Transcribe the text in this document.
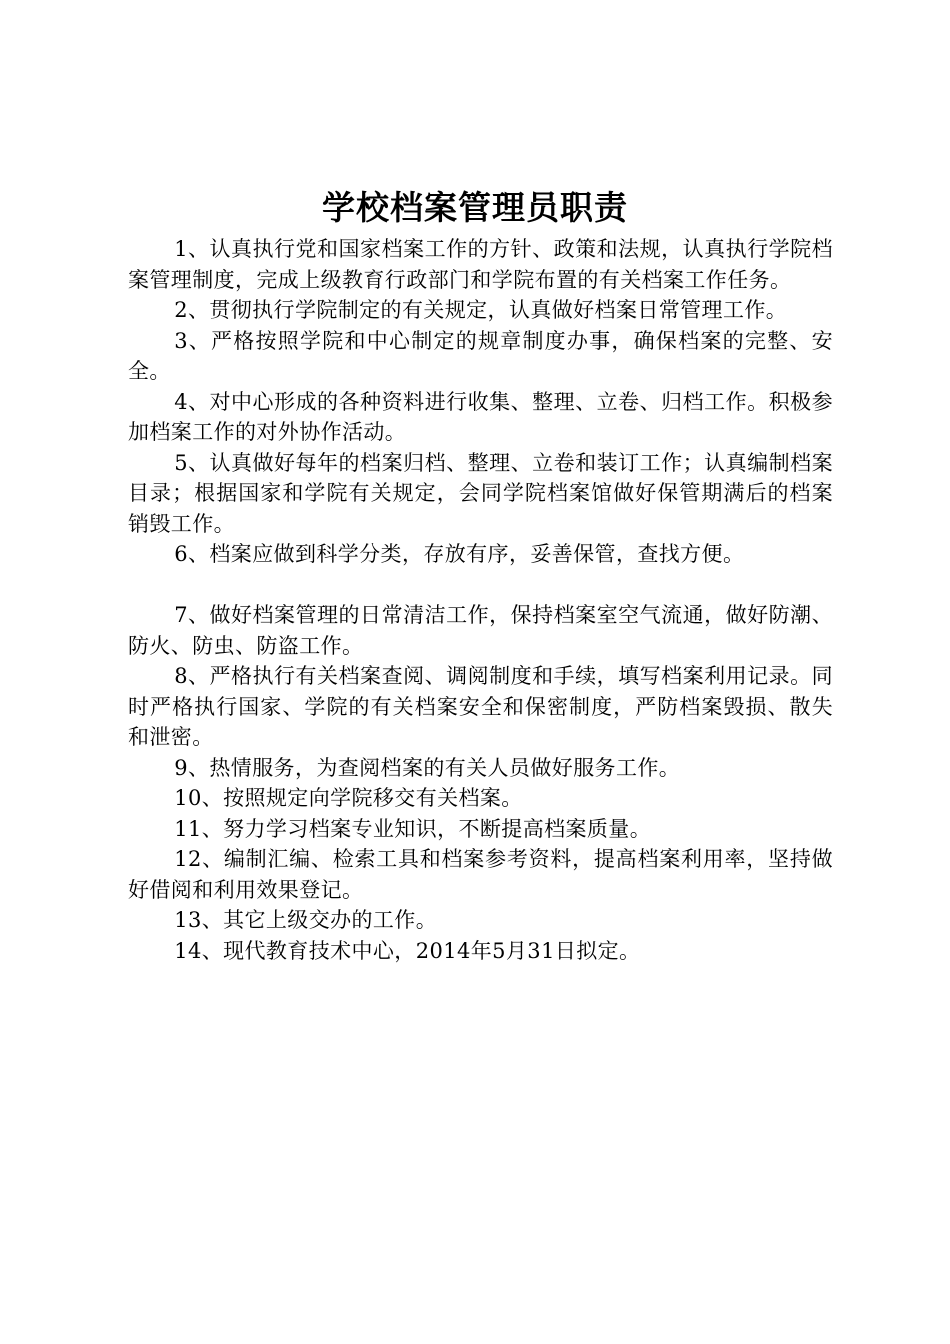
学校档案管理员职责

1、认真执行党和国家档案工作的方针、政策和法规，认真执行学院档案管理制度，完成上级教育行政部门和学院布置的有关档案工作任务。

2、贯彻执行学院制定的有关规定，认真做好档案日常管理工作。

3、严格按照学院和中心制定的规章制度办事，确保档案的完整、安全。

4、对中心形成的各种资料进行收集、整理、立卷、归档工作。积极参加档案工作的对外协作活动。

5、认真做好每年的档案归档、整理、立卷和装订工作；认真编制档案目录；根据国家和学院有关规定，会同学院档案馆做好保管期满后的档案销毁工作。

6、档案应做到科学分类，存放有序，妥善保管，查找方便。

7、做好档案管理的日常清洁工作，保持档案室空气流通，做好防潮、防火、防虫、防盗工作。

8、严格执行有关档案查阅、调阅制度和手续，填写档案利用记录。同时严格执行国家、学院的有关档案安全和保密制度，严防档案毁损、散失和泄密。

9、热情服务，为查阅档案的有关人员做好服务工作。

10、按照规定向学院移交有关档案。

11、努力学习档案专业知识，不断提高档案质量。

12、编制汇编、检索工具和档案参考资料，提高档案利用率，坚持做好借阅和利用效果登记。

13、其它上级交办的工作。

14、现代教育技术中心，2014年5月31日拟定。
